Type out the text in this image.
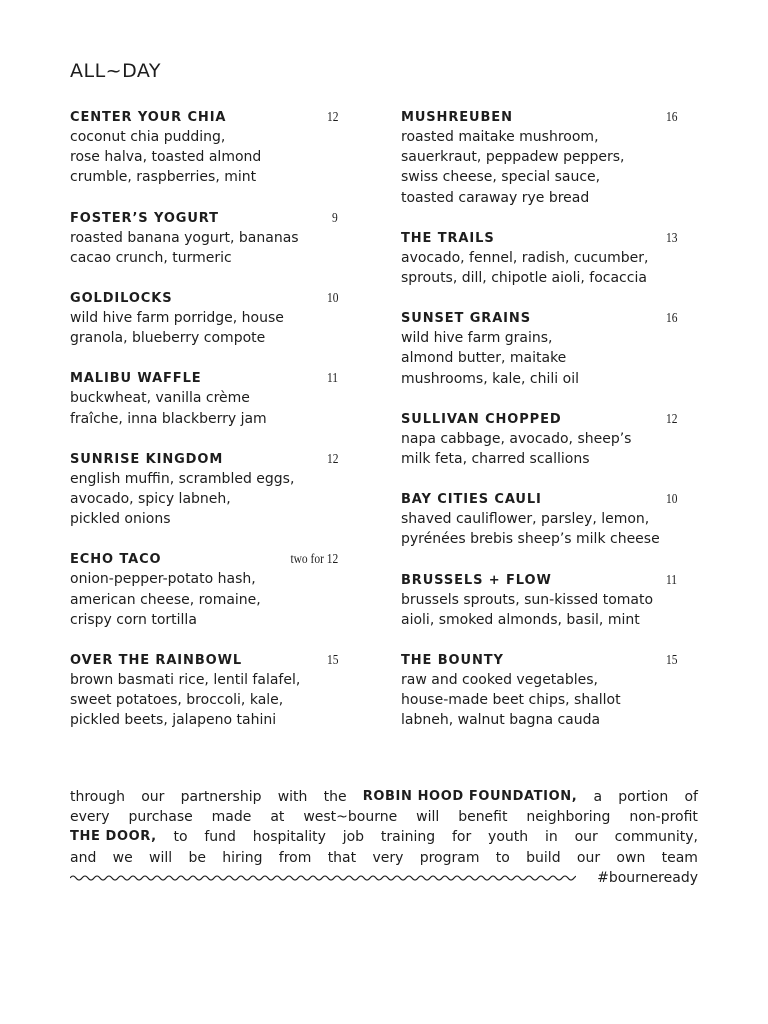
ALL~DAY
CENTER YOUR CHIA	12

coconut chia pudding,
rose halva, toasted almond
crumble, raspberries, mint

FOSTER’S YOGURT	9

roasted banana yogurt, bananas
cacao crunch, turmeric

GOLDILOCKS	10

wild hive farm porridge, house
granola, blueberry compote

MALIBU WAFFLE	11

buckwheat, vanilla crème
fraîche, inna blackberry jam

SUNRISE KINGDOM	12

english muffin, scrambled eggs,
avocado, spicy labneh,
pickled onions

ECHO TACO	two for 12

onion-pepper-potato hash,
american cheese, romaine,
crispy corn tortilla

OVER THE RAINBOWL	15

brown basmati rice, lentil falafel,
sweet potatoes, broccoli, kale,
pickled beets, jalapeno tahini

MUSHREUBEN	16

roasted maitake mushroom,
sauerkraut, peppadew peppers,
swiss cheese, special sauce,
toasted caraway rye bread

THE TRAILS	13

avocado, fennel, radish, cucumber,
sprouts, dill, chipotle aioli, focaccia

SUNSET GRAINS	16

wild hive farm grains,
almond butter, maitake
mushrooms, kale, chili oil

SULLIVAN CHOPPED	12

napa cabbage, avocado, sheep’s
milk feta, charred scallions

BAY CITIES CAULI	10

shaved cauliflower, parsley, lemon,
pyrénées brebis sheep’s milk cheese

BRUSSELS + FLOW	11

brussels sprouts, sun-kissed tomato
aioli, smoked almonds, basil, mint

THE BOUNTY	15

raw and cooked vegetables,
house-made beet chips, shallot
labneh, walnut bagna cauda

through our partnership with the ROBIN HOOD FOUNDATION, a portion of
every purchase made at west~bourne will benefit neighboring non-profit
THE DOOR, to fund hospitality job training for youth in our community,
and we will be hiring from that very program to build our own team
#bourneready
